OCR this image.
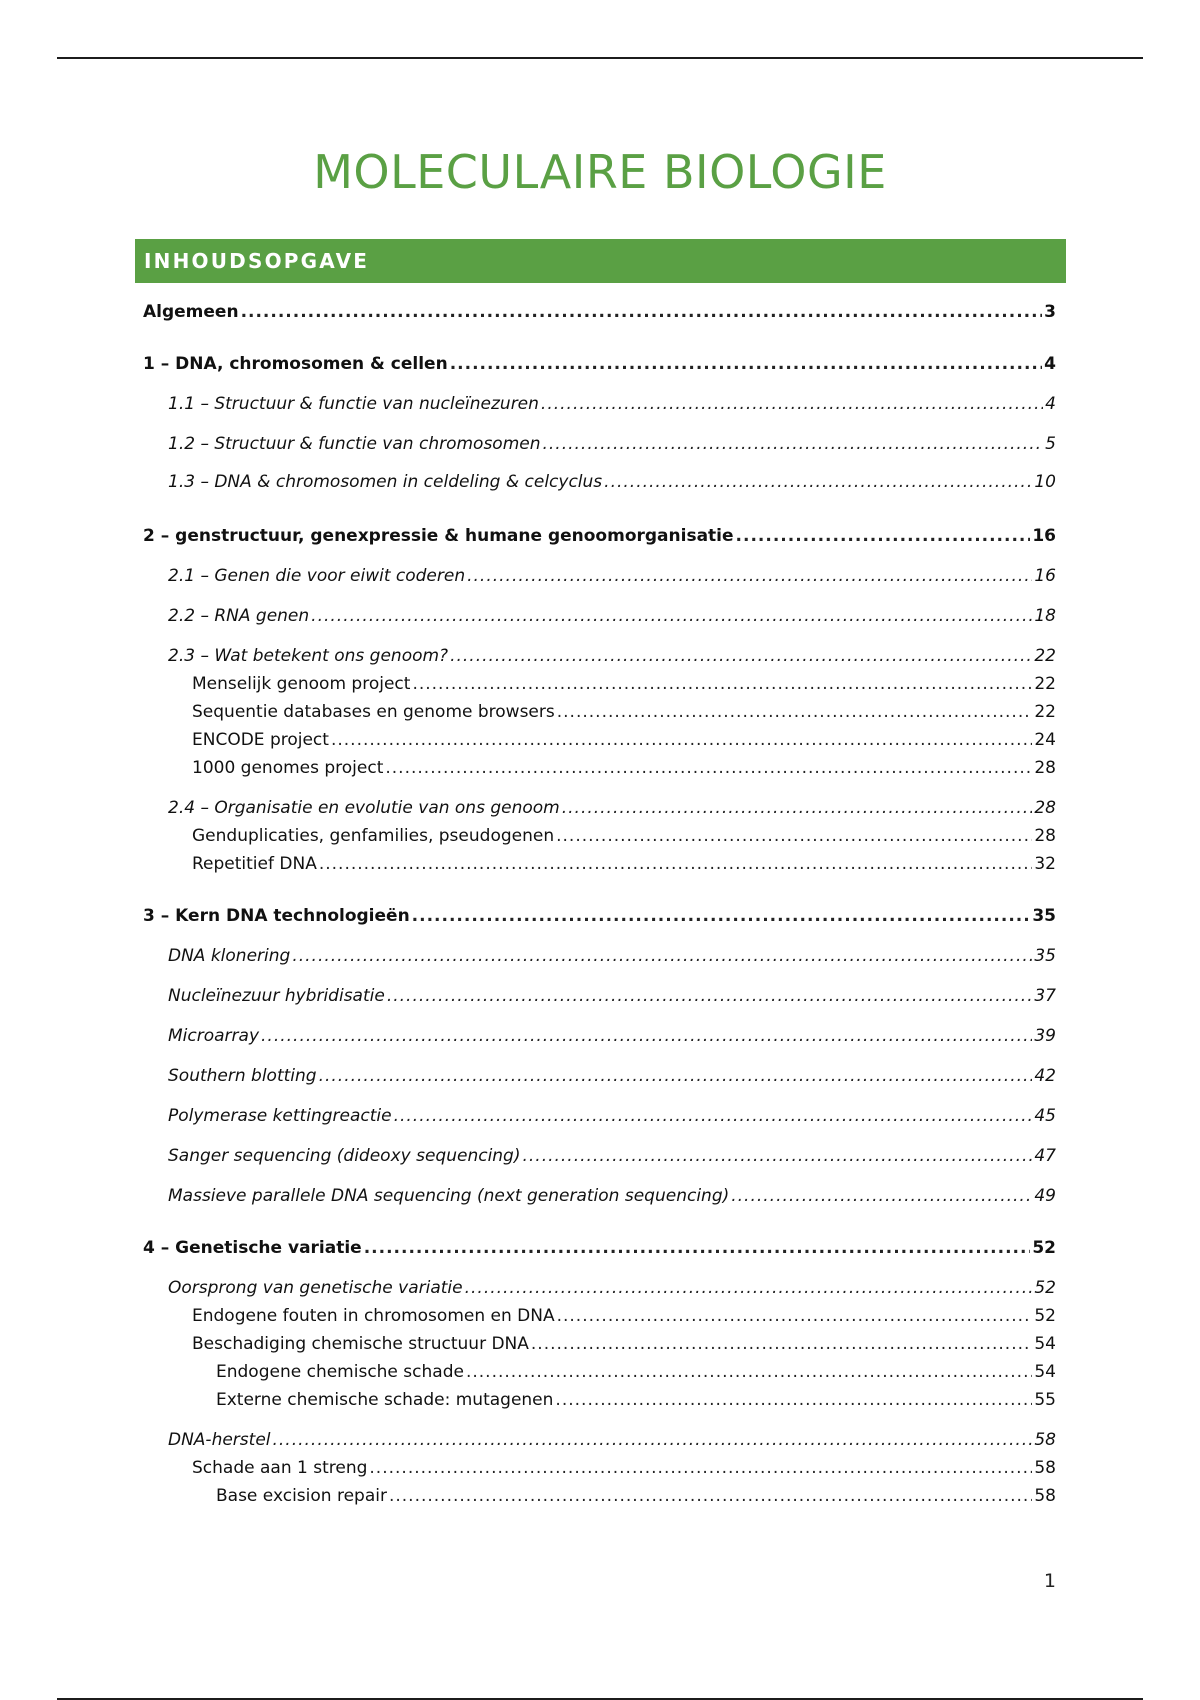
MOLECULAIRE BIOLOGIE
INHOUDSOPGAVE
Algemeen .....	3
1 – DNA, chromosomen & cellen .....	4
1.1 – Structuur & functie van nucleïnezuren .....	4
1.2 – Structuur & functie van chromosomen .....	5
1.3 – DNA & chromosomen in celdeling & celcyclus .....	10
2 – genstructuur, genexpressie & humane genoomorganisatie .....	16
2.1 – Genen die voor eiwit coderen .....	16
2.2 – RNA genen .....	18
2.3 – Wat betekent ons genoom? .....	22
Menselijk genoom project .....	22
Sequentie databases en genome browsers .....	22
ENCODE project .....	24
1000 genomes project .....	28
2.4 – Organisatie en evolutie van ons genoom .....	28
Genduplicaties, genfamilies, pseudogenen .....	28
Repetitief DNA .....	32
3 – Kern DNA technologieën .....	35
DNA klonering .....	35
Nucleïnezuur hybridisatie .....	37
Microarray .....	39
Southern blotting .....	42
Polymerase kettingreactie .....	45
Sanger sequencing (dideoxy sequencing) .....	47
Massieve parallele DNA sequencing (next generation sequencing) .....	49
4 – Genetische variatie .....	52
Oorsprong van genetische variatie .....	52
Endogene fouten in chromosomen en DNA .....	52
Beschadiging chemische structuur DNA .....	54
Endogene chemische schade .....	54
Externe chemische schade: mutagenen .....	55
DNA-herstel .....	58
Schade aan 1 streng .....	58
Base excision repair .....	58
1
